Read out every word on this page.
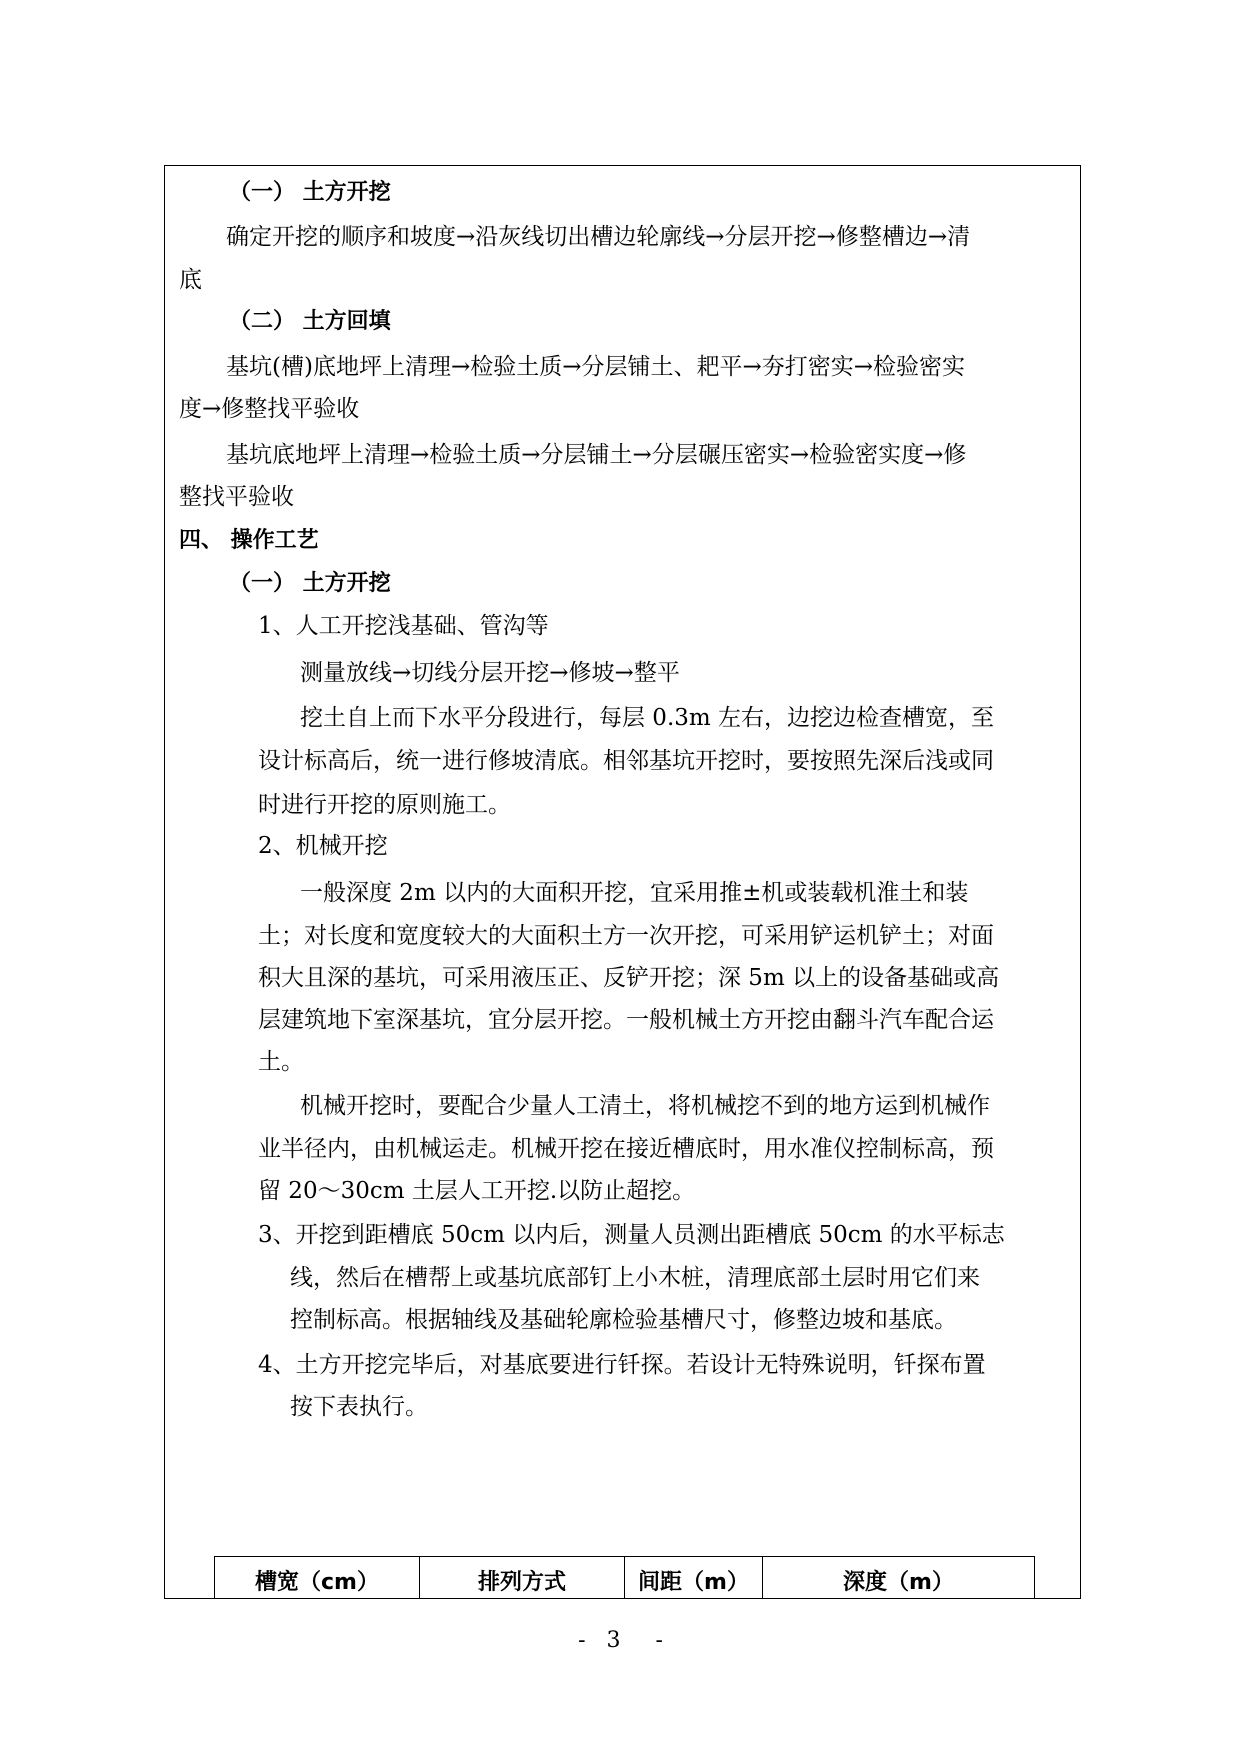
（一） 土方开挖
确定开挖的顺序和坡度→沿灰线切出槽边轮廓线→分层开挖→修整槽边→清
底
（二） 土方回填
基坑(槽)底地坪上清理→检验土质→分层铺土、耙平→夯打密实→检验密实
度→修整找平验收
基坑底地坪上清理→检验土质→分层铺土→分层碾压密实→检验密实度→修
整找平验收
四、 操作工艺
（一） 土方开挖
1、人工开挖浅基础、管沟等
测量放线→切线分层开挖→修坡→整平
挖土自上而下水平分段进行，每层 0.3m 左右，边挖边检查槽宽，至
设计标高后，统一进行修坡清底。相邻基坑开挖时，要按照先深后浅或同
时进行开挖的原则施工。
2、机械开挖
一般深度 2m 以内的大面积开挖，宜采用推±机或装载机淮土和装
土；对长度和宽度较大的大面积土方一次开挖，可采用铲运机铲土；对面
积大且深的基坑，可采用液压正、反铲开挖；深 5m 以上的设备基础或高
层建筑地下室深基坑，宜分层开挖。一般机械土方开挖由翻斗汽车配合运
土。
机械开挖时，要配合少量人工清土，将机械挖不到的地方运到机械作
业半径内，由机械运走。机械开挖在接近槽底时，用水准仪控制标高，预
留 20～30cm 土层人工开挖.以防止超挖。
3、开挖到距槽底 50cm 以内后，测量人员测出距槽底 50cm 的水平标志
线，然后在槽帮上或基坑底部钉上小木桩，清理底部土层时用它们来
控制标高。根据轴线及基础轮廓检验基槽尺寸，修整边坡和基底。
4、土方开挖完毕后，对基底要进行钎探。若设计无特殊说明，钎探布置
按下表执行。
槽宽（cm）	排列方式	间距（m）	深度（m）
-   3     -
